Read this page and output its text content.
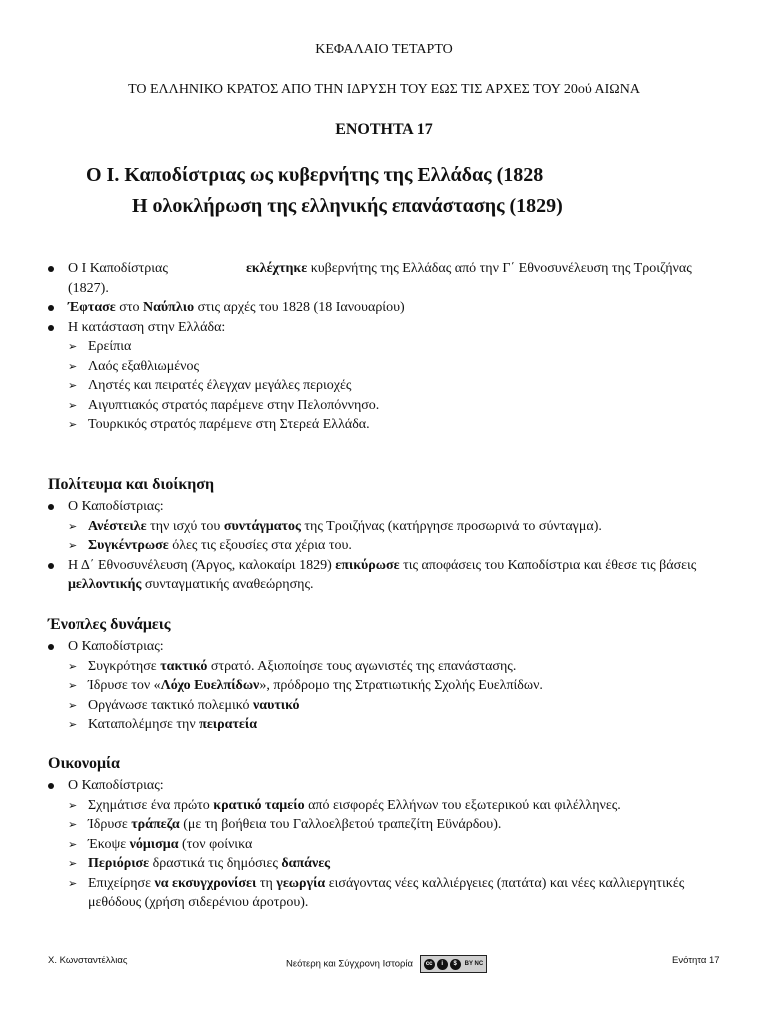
ΚΕΦΑΛΑΙΟ ΤΕΤΑΡΤΟ
ΤΟ ΕΛΛΗΝΙΚΟ ΚΡΑΤΟΣ ΑΠΟ ΤΗΝ ΙΔΡΥΣΗ ΤΟΥ ΕΩΣ ΤΙΣ ΑΡΧΕΣ ΤΟΥ 20ού ΑΙΩΝΑ
ΕΝΟΤΗΤΑ 17
Ο Ι. Καποδίστριας ως κυβερνήτης της Ελλάδας (1828
Η ολοκλήρωση της ελληνικής επανάστασης (1829)
Ο Ι Καποδίστριας	εκλέχτηκε κυβερνήτης της Ελλάδας από την Γ΄ Εθνοσυνέλευση της Τροιζήνας (1827).
Έφτασε στο Ναύπλιο στις αρχές του 1828 (18 Ιανουαρίου)
Η κατάσταση στην Ελλάδα:
➢ Ερείπια
➢ Λαός εξαθλιωμένος
➢ Ληστές και πειρατές έλεγχαν μεγάλες περιοχές
➢ Αιγυπτιακός στρατός παρέμενε στην Πελοπόννησο.
➢ Τουρκικός στρατός παρέμενε στη Στερεά Ελλάδα.
Πολίτευμα και διοίκηση
Ο Καποδίστριας:
➢ Ανέστειλε την ισχύ του συντάγματος της Τροιζήνας (κατήργησε προσωρινά το σύνταγμα).
➢ Συγκέντρωσε όλες τις εξουσίες στα χέρια του.
Η Δ΄ Εθνοσυνέλευση (Άργος, καλοκαίρι 1829) επικύρωσε τις αποφάσεις του Καποδίστρια και έθεσε τις βάσεις μελλοντικής συνταγματικής αναθεώρησης.
Ένοπλες δυνάμεις
Ο Καποδίστριας:
➢ Συγκρότησε τακτικό στρατό. Αξιοποίησε τους αγωνιστές της επανάστασης.
➢ Ίδρυσε τον «Λόχο Ευελπίδων», πρόδρομο της Στρατιωτικής Σχολής Ευελπίδων.
➢ Οργάνωσε τακτικό πολεμικό ναυτικό
➢ Καταπολέμησε την πειρατεία
Οικονομία
Ο Καποδίστριας:
➢ Σχημάτισε ένα πρώτο κρατικό ταμείο από εισφορές Ελλήνων του εξωτερικού και φιλέλληνες.
➢ Ίδρυσε τράπεζα (με τη βοήθεια του Γαλλοελβετού τραπεζίτη Εϋνάρδου).
➢ Έκοψε νόμισμα (τον φοίνικα
➢ Περιόρισε δραστικά τις δημόσιες δαπάνες
➢ Επιχείρησε να εκσυγχρονίσει τη γεωργία εισάγοντας νέες καλλιέργειες (πατάτα) και νέες καλλιεργητικές μεθόδους (χρήση σιδερένιου άροτρου).
Χ. Κωνσταντέλλιας	Νεότερη και Σύγχρονη Ιστορία	cc	i	$	BY NC	Ενότητα 17
